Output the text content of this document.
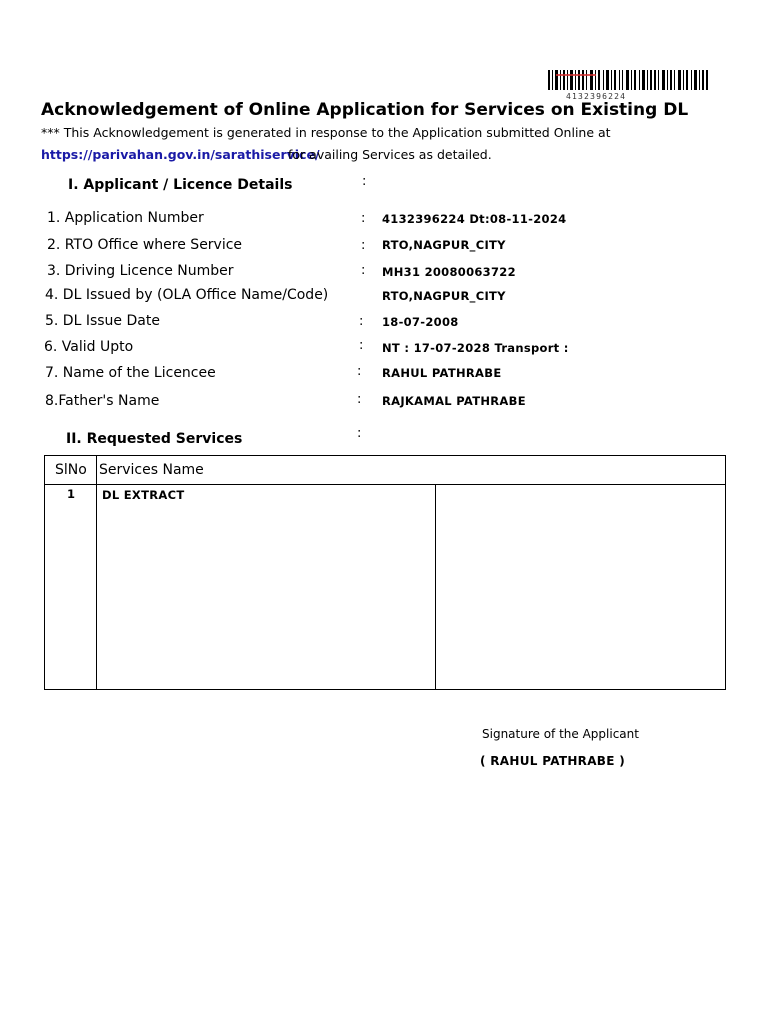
4132396224
Acknowledgement of Online Application for Services on Existing DL
*** This Acknowledgement is generated in response to the Application submitted Online at
https://parivahan.gov.in/sarathiservice/
for availing Services as detailed.
I. Applicant / Licence Details	:
1. Application Number	: 4132396224 Dt:08-11-2024
2. RTO Office where Service	: RTO,NAGPUR_CITY
3. Driving Licence Number	: MH31 20080063722
4. DL Issued by (OLA Office Name/Code)	RTO,NAGPUR_CITY
5. DL Issue Date	: 18-07-2008
6. Valid Upto	: NT : 17-07-2028 Transport :
7. Name of the Licencee	: RAHUL PATHRABE
8.Father's Name	: RAJKAMAL PATHRABE
II. Requested Services	:
SlNo Services Name
1 DL EXTRACT
Signature of the Applicant
( RAHUL PATHRABE )
